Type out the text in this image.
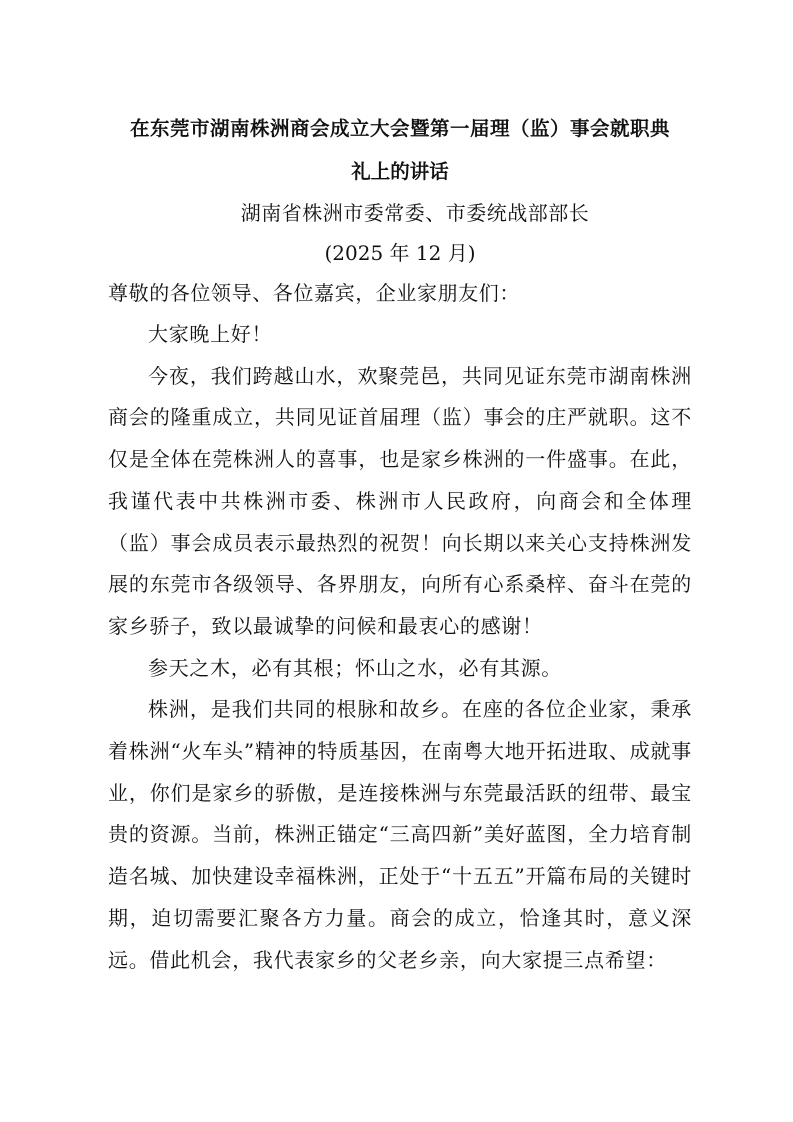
在东莞市湖南株洲商会成立大会暨第一届理（监）事会就职典
礼上的讲话
湖南省株洲市委常委、市委统战部部长
(2025 年 12 月)

尊敬的各位领导、各位嘉宾，企业家朋友们：

大家晚上好！

今夜，我们跨越山水，欢聚莞邑，共同见证东莞市湖南株洲商会的隆重成立，共同见证首届理（监）事会的庄严就职。这不仅是全体在莞株洲人的喜事，也是家乡株洲的一件盛事。在此，我谨代表中共株洲市委、株洲市人民政府，向商会和全体理（监）事会成员表示最热烈的祝贺！向长期以来关心支持株洲发展的东莞市各级领导、各界朋友，向所有心系桑梓、奋斗在莞的家乡骄子，致以最诚挚的问候和最衷心的感谢！

参天之木，必有其根；怀山之水，必有其源。

株洲，是我们共同的根脉和故乡。在座的各位企业家，秉承着株洲“火车头”精神的特质基因，在南粤大地开拓进取、成就事业，你们是家乡的骄傲，是连接株洲与东莞最活跃的纽带、最宝贵的资源。当前，株洲正锚定“三高四新”美好蓝图，全力培育制造名城、加快建设幸福株洲，正处于“十五五”开篇布局的关键时期，迫切需要汇聚各方力量。商会的成立，恰逢其时，意义深远。借此机会，我代表家乡的父老乡亲，向大家提三点希望：
